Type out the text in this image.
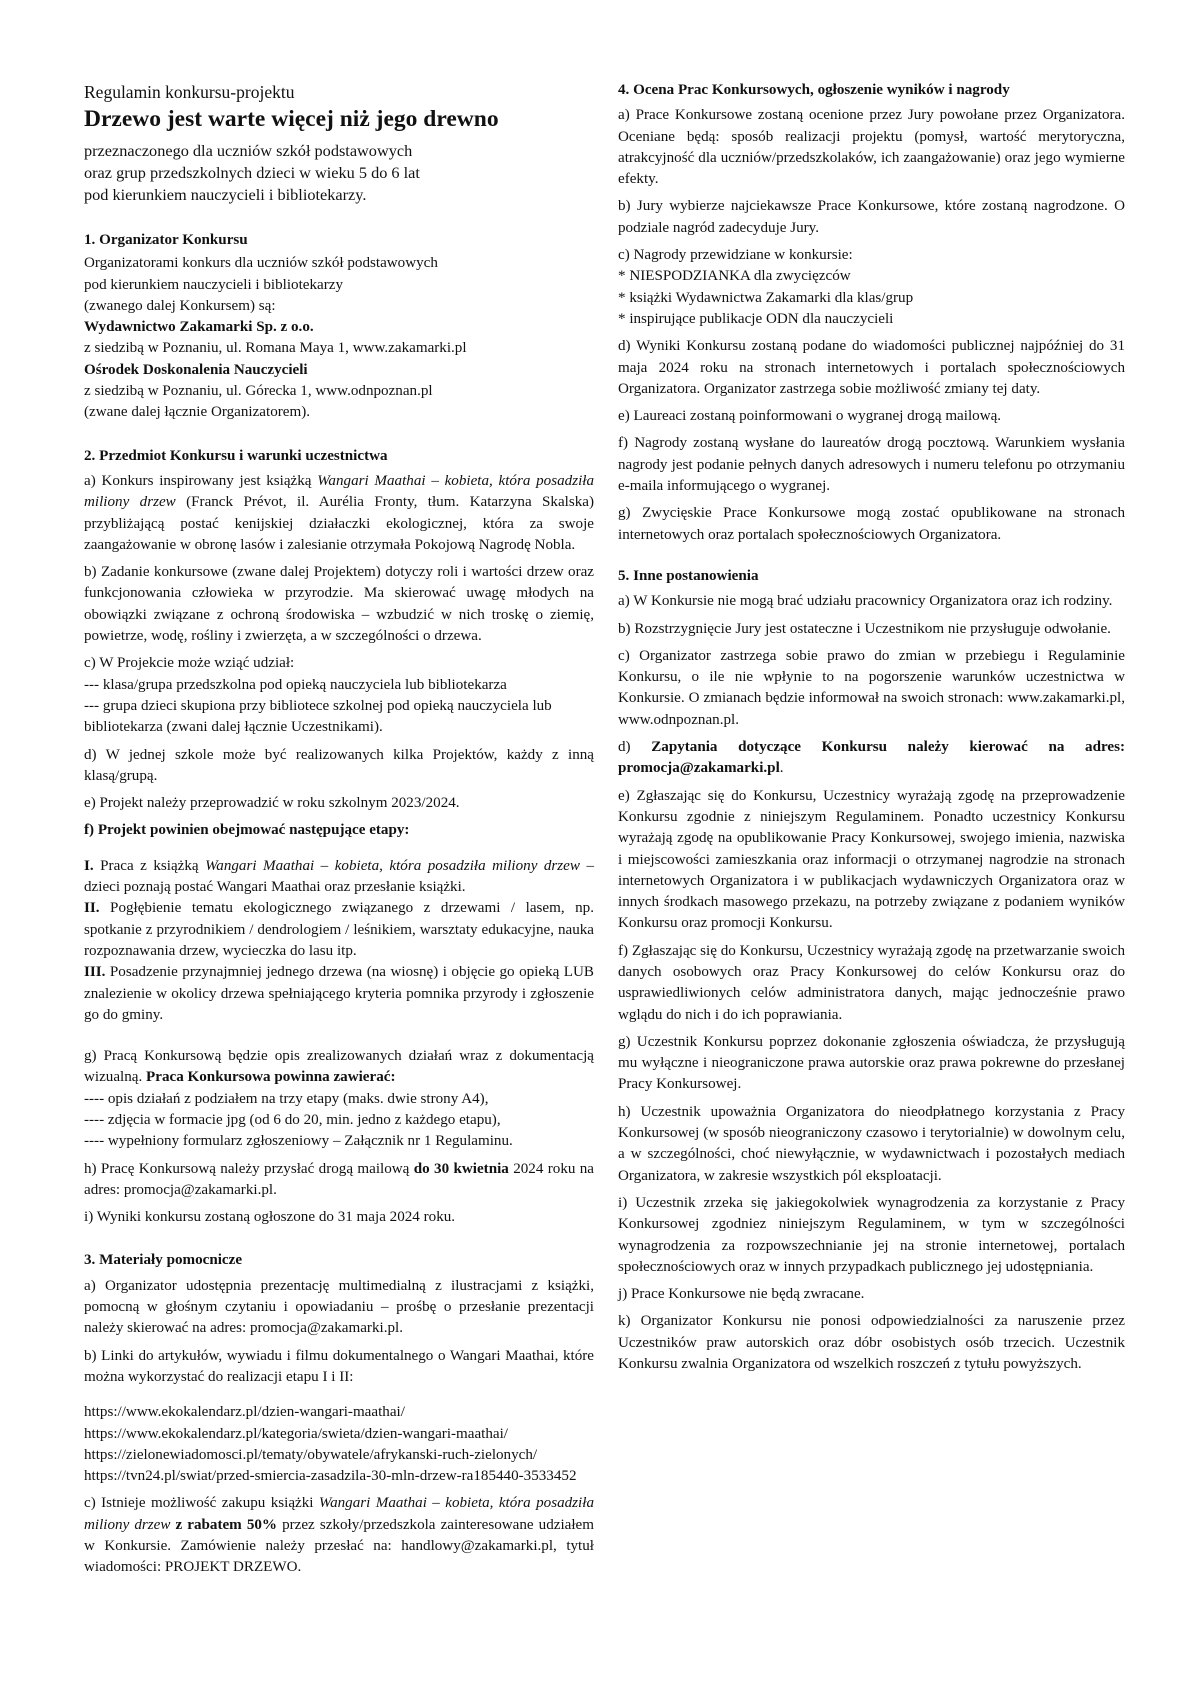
Regulamin konkursu-projektu
Drzewo jest warte więcej niż jego drewno
przeznaczonego dla uczniów szkół podstawowych
oraz grup przedszkolnych dzieci w wieku 5 do 6 lat
pod kierunkiem nauczycieli i bibliotekarzy.
1. Organizator Konkursu
Organizatorami konkurs dla uczniów szkół podstawowych
pod kierunkiem nauczycieli i bibliotekarzy
(zwanego dalej Konkursem) są:
Wydawnictwo Zakamarki Sp. z o.o.
z siedzibą w Poznaniu, ul. Romana Maya 1, www.zakamarki.pl
Ośrodek Doskonalenia Nauczycieli
z siedzibą w Poznaniu, ul. Górecka 1, www.odnpoznan.pl
(zwane dalej łącznie Organizatorem).
2. Przedmiot Konkursu i warunki uczestnictwa

a) Konkurs inspirowany jest książką Wangari Maathai – kobieta, która posadziła miliony drzew (Franck Prévot, il. Aurélia Fronty, tłum. Katarzyna Skalska) przybliżającą postać kenijskiej działaczki ekologicznej, która za swoje zaangażowanie w obronę lasów i zalesianie otrzymała Pokojową Nagrodę Nobla.

b) Zadanie konkursowe (zwane dalej Projektem) dotyczy roli i wartości drzew oraz funkcjonowania człowieka w przyrodzie. Ma skierować uwagę młodych na obowiązki związane z ochroną środowiska – wzbudzić w nich troskę o ziemię, powietrze, wodę, rośliny i zwierzęta, a w szczególności o drzewa.

c) W Projekcie może wziąć udział:
--- klasa/grupa przedszkolna pod opieką nauczyciela lub bibliotekarza
--- grupa dzieci skupiona przy bibliotece szkolnej pod opieką nauczyciela lub bibliotekarza (zwani dalej łącznie Uczestnikami).

d) W jednej szkole może być realizowanych kilka Projektów, każdy z inną klasą/grupą.

e) Projekt należy przeprowadzić w roku szkolnym 2023/2024.

f) Projekt powinien obejmować następujące etapy:

I. Praca z książką Wangari Maathai – kobieta, która posadziła miliony drzew – dzieci poznają postać Wangari Maathai oraz przesłanie książki.
II. Pogłębienie tematu ekologicznego związanego z drzewami / lasem, np. spotkanie z przyrodnikiem / dendrologiem / leśnikiem, warsztaty edukacyjne, nauka rozpoznawania drzew, wycieczka do lasu itp.
III. Posadzenie przynajmniej jednego drzewa (na wiosnę) i objęcie go opieką LUB znalezienie w okolicy drzewa spełniającego kryteria pomnika przyrody i zgłoszenie go do gminy.

g) Pracą Konkursową będzie opis zrealizowanych działań wraz z dokumentacją wizualną. Praca Konkursowa powinna zawierać:
---- opis działań z podziałem na trzy etapy (maks. dwie strony A4),
---- zdjęcia w formacie jpg (od 6 do 20, min. jedno z każdego etapu),
---- wypełniony formularz zgłoszeniowy – Załącznik nr 1 Regulaminu.

h) Pracę Konkursową należy przysłać drogą mailową do 30 kwietnia 2024 roku na adres: promocja@zakamarki.pl.

i) Wyniki konkursu zostaną ogłoszone do 31 maja 2024 roku.

3. Materiały pomocnicze

a) Organizator udostępnia prezentację multimedialną z ilustracjami z książki, pomocną w głośnym czytaniu i opowiadaniu – prośbę o przesłanie prezentacji należy skierować na adres: promocja@zakamarki.pl.

b) Linki do artykułów, wywiadu i filmu dokumentalnego o Wangari Maathai, które można wykorzystać do realizacji etapu I i II:

https://www.ekokalendarz.pl/dzien-wangari-maathai/
https://www.ekokalendarz.pl/kategoria/swieta/dzien-wangari-maathai/
https://zielonewiadomosci.pl/tematy/obywatele/afrykanski-ruch-zielonych/
https://tvn24.pl/swiat/przed-smiercia-zasadzila-30-mln-drzew-ra185440-3533452

c) Istnieje możliwość zakupu książki Wangari Maathai – kobieta, która posadziła miliony drzew z rabatem 50% przez szkoły/przedszkola zainteresowane udziałem w Konkursie. Zamówienie należy przesłać na: handlowy@zakamarki.pl, tytuł wiadomości: PROJEKT DRZEWO.

4. Ocena Prac Konkursowych, ogłoszenie wyników i nagrody

a) Prace Konkursowe zostaną ocenione przez Jury powołane przez Organizatora. Oceniane będą: sposób realizacji projektu (pomysł, wartość merytoryczna, atrakcyjność dla uczniów/przedszkolaków, ich zaangażowanie) oraz jego wymierne efekty.

b) Jury wybierze najciekawsze Prace Konkursowe, które zostaną nagrodzone. O podziale nagród zadecyduje Jury.

c) Nagrody przewidziane w konkursie:
* NIESPODZIANKA dla zwycięzców
* książki Wydawnictwa Zakamarki dla klas/grup
* inspirujące publikacje ODN dla nauczycieli

d) Wyniki Konkursu zostaną podane do wiadomości publicznej najpóźniej do 31 maja 2024 roku na stronach internetowych i portalach społecznościowych Organizatora. Organizator zastrzega sobie możliwość zmiany tej daty.

e) Laureaci zostaną poinformowani o wygranej drogą mailową.

f) Nagrody zostaną wysłane do laureatów drogą pocztową. Warunkiem wysłania nagrody jest podanie pełnych danych adresowych i numeru telefonu po otrzymaniu e-maila informującego o wygranej.

g) Zwycięskie Prace Konkursowe mogą zostać opublikowane na stronach internetowych oraz portalach społecznościowych Organizatora.

5. Inne postanowienia

a) W Konkursie nie mogą brać udziału pracownicy Organizatora oraz ich rodziny.

b) Rozstrzygnięcie Jury jest ostateczne i Uczestnikom nie przysługuje odwołanie.

c) Organizator zastrzega sobie prawo do zmian w przebiegu i Regulaminie Konkursu, o ile nie wpłynie to na pogorszenie warunków uczestnictwa w Konkursie. O zmianach będzie informował na swoich stronach: www.zakamarki.pl, www.odnpoznan.pl.

d) Zapytania dotyczące Konkursu należy kierować na adres: promocja@zakamarki.pl.

e) Zgłaszając się do Konkursu, Uczestnicy wyrażają zgodę na przeprowadzenie Konkursu zgodnie z niniejszym Regulaminem. Ponadto uczestnicy Konkursu wyrażają zgodę na opublikowanie Pracy Konkursowej, swojego imienia, nazwiska i miejscowości zamieszkania oraz informacji o otrzymanej nagrodzie na stronach internetowych Organizatora i w publikacjach wydawniczych Organizatora oraz w innych środkach masowego przekazu, na potrzeby związane z podaniem wyników Konkursu oraz promocji Konkursu.

f) Zgłaszając się do Konkursu, Uczestnicy wyrażają zgodę na przetwarzanie swoich danych osobowych oraz Pracy Konkursowej do celów Konkursu oraz do usprawiedliwionych celów administratora danych, mając jednocześnie prawo wglądu do nich i do ich poprawiania.

g) Uczestnik Konkursu poprzez dokonanie zgłoszenia oświadcza, że przysługują mu wyłączne i nieograniczone prawa autorskie oraz prawa pokrewne do przesłanej Pracy Konkursowej.

h) Uczestnik upoważnia Organizatora do nieodpłatnego korzystania z Pracy Konkursowej (w sposób nieograniczony czasowo i terytorialnie) w dowolnym celu, a w szczególności, choć niewyłącznie, w wydawnictwach i pozostałych mediach Organizatora, w zakresie wszystkich pól eksploatacji.

i) Uczestnik zrzeka się jakiegokolwiek wynagrodzenia za korzystanie z Pracy Konkursowej zgodniez niniejszym Regulaminem, w tym w szczególności wynagrodzenia za rozpowszechnianie jej na stronie internetowej, portalach społecznościowych oraz w innych przypadkach publicznego jej udostępniania.

j) Prace Konkursowe nie będą zwracane.

k) Organizator Konkursu nie ponosi odpowiedzialności za naruszenie przez Uczestników praw autorskich oraz dóbr osobistych osób trzecich. Uczestnik Konkursu zwalnia Organizatora od wszelkich roszczeń z tytułu powyższych.
